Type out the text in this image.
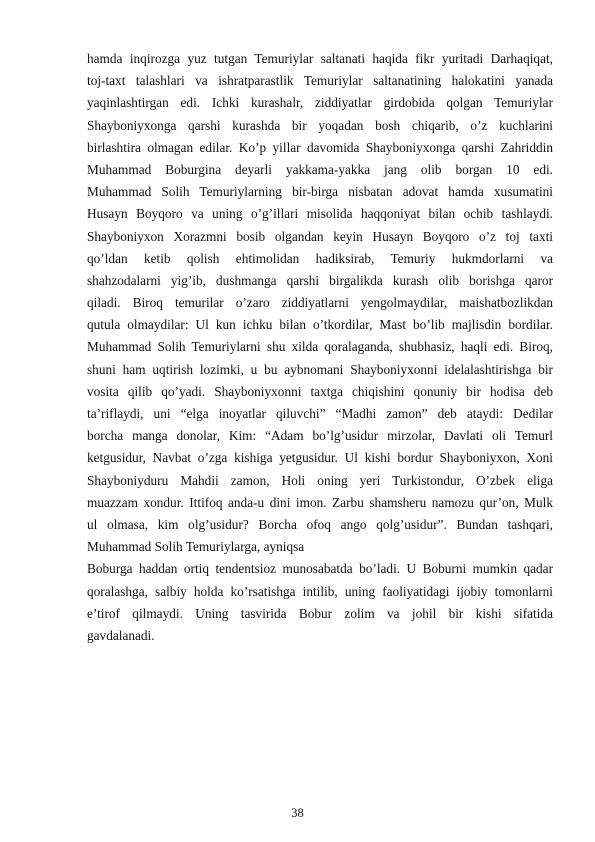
hamda inqirozga yuz tutgan Temuriylar saltanati haqida fikr yuritadi Darhaqiqat,
toj-taxt talashlari va ishratparastlik Temuriylar saltanatining halokatini yanada
yaqinlashtirgan edi. Ichki kurashalr, ziddiyatlar girdobida qolgan Temuriylar
Shayboniyxonga qarshi kurashda bir yoqadan bosh chiqarib, o’z kuchlarini
birlashtira olmagan edilar. Ko’p yillar davomida Shayboniyxonga qarshi Zahriddin
Muhammad Boburgina deyarli yakkama-yakka jang olib borgan 10 edi.
Muhammad Solih Temuriylarning bir-birga nisbatan adovat hamda xusumatini
Husayn Boyqoro va uning o’g’illari misolida haqqoniyat bilan ochib tashlaydi.
Shayboniyxon Xorazmni bosib olgandan keyin Husayn Boyqoro o’z toj taxti
qo’ldan ketib qolish ehtimolidan hadiksirab, Temuriy hukmdorlarni va
shahzodalarni yig’ib, dushmanga qarshi birgalikda kurash olib borishga qaror
qiladi. Biroq temurilar o’zaro ziddiyatlarni yengolmaydilar, maishatbozlikdan
qutula olmaydilar: Ul kun ichku bilan o’tkordilar, Mast bo’lib majlisdin bordilar.
Muhammad Solih Temuriylarni shu xilda qoralaganda, shubhasiz, haqli edi. Biroq,
shuni ham uqtirish lozimki, u bu aybnomani Shayboniyxonni idelalashtirishga bir
vosita qilib qo’yadi. Shayboniyxonni taxtga chiqishini qonuniy bir hodisa deb
ta’riflaydi, uni “elga inoyatlar qiluvchi” “Madhi zamon” deb ataydi: Dedilar
borcha manga donolar, Kim: “Adam bo’lg’usidur mirzolar, Davlati oli Temurl
ketgusidur, Navbat o’zga kishiga yetgusidur. Ul kishi bordur Shayboniyxon, Xoni
Shayboniyduru Mahdii zamon, Holi oning yeri Turkistondur, O’zbek eliga
muazzam xondur. Ittifoq anda-u dini imon. Zarbu shamsheru namozu qur’on, Mulk
ul olmasa, kim olg’usidur? Borcha ofoq ango qolg’usidur”. Bundan tashqari,
Muhammad Solih Temuriylarga, ayniqsa
Boburga haddan ortiq tendentsioz munosabatda bo’ladi. U Boburni mumkin qadar
qoralashga, salbiy holda ko’rsatishga intilib, uning faoliyatidagi ijobiy tomonlarni
e’tirof qilmaydi. Uning tasvirida Bobur zolim va johil bir kishi sifatida
gavdalanadi.
38
